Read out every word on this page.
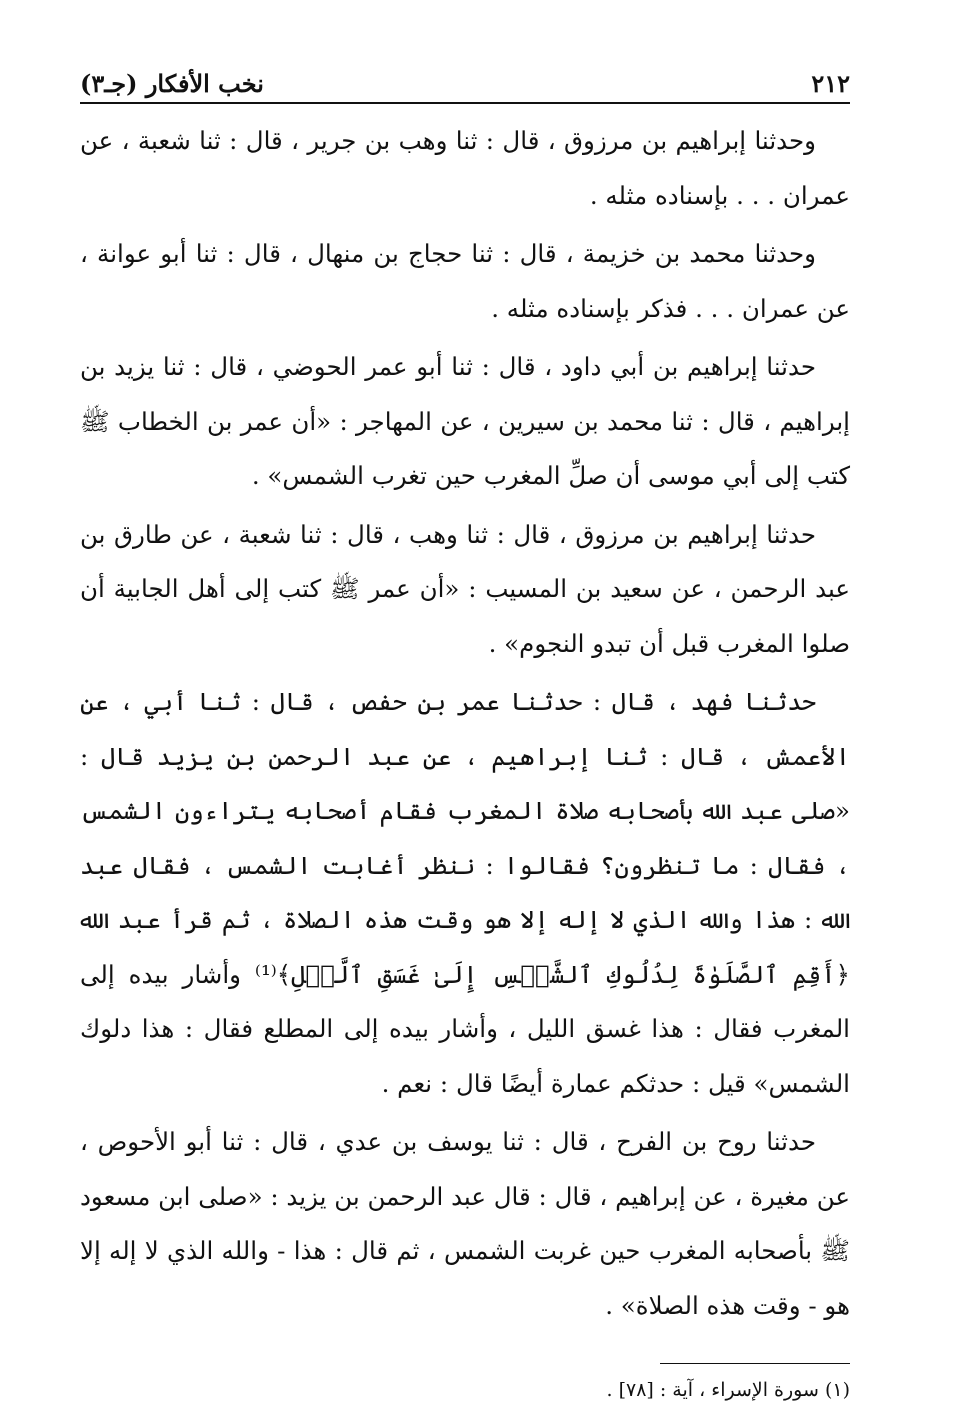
٢١٢
نخب الأفكار (جـ٣)

وحدثنا إبراهيم بن مرزوق ، قال : ثنا وهب بن جرير ، قال : ثنا شعبة ، عن عمران . . . بإسناده مثله .

وحدثنا محمد بن خزيمة ، قال : ثنا حجاج بن منهال ، قال : ثنا أبو عوانة ، عن عمران . . . فذكر بإسناده مثله .

حدثنا إبراهيم بن أبي داود ، قال : ثنا أبو عمر الحوضي ، قال : ثنا يزيد بن إبراهيم ، قال : ثنا محمد بن سيرين ، عن المهاجر : «أن عمر بن الخطاب ﷺ كتب إلى أبي موسى أن صلِّ المغرب حين تغرب الشمس» .

حدثنا إبراهيم بن مرزوق ، قال : ثنا وهب ، قال : ثنا شعبة ، عن طارق بن عبد الرحمن ، عن سعيد بن المسيب : «أن عمر ﷺ كتب إلى أهل الجابية أن صلوا المغرب قبل أن تبدو النجوم» .

حدثنا فهد ، قال : حدثنا عمر بن حفص ، قال : ثنا أبي ، عن الأعمش ، قال : ثنا إبراهيم ، عن عبد الرحمن بن يزيد قال : «صلى عبد الله بأصحابه صلاة المغرب فقام أصحابه يتراءون الشمس ، فقال : ما تنظرون؟ فقالوا : ننظر أغابت الشمس ، فقال عبد الله : هذا والله الذي لا إله إلا هو وقت هذه الصلاة ، ثم قرأ عبد الله ﴿أَقِمِ ٱلصَّلَوٰةَ لِدُلُوكِ ٱلشَّمۡسِ إِلَىٰ غَسَقِ ٱلَّيۡلِ﴾⁽¹⁾ وأشار بيده إلى المغرب فقال : هذا غسق الليل ، وأشار بيده إلى المطلع فقال : هذا دلوك الشمس» قيل : حدثكم عمارة أيضًا قال : نعم .

حدثنا روح بن الفرح ، قال : ثنا يوسف بن عدي ، قال : ثنا أبو الأحوص ، عن مغيرة ، عن إبراهيم ، قال : قال عبد الرحمن بن يزيد : «صلى ابن مسعود ﷺ بأصحابه المغرب حين غربت الشمس ، ثم قال : هذا - والله الذي لا إله إلا هو - وقت هذه الصلاة» .

(١) سورة الإسراء ، آية : [٧٨] .
